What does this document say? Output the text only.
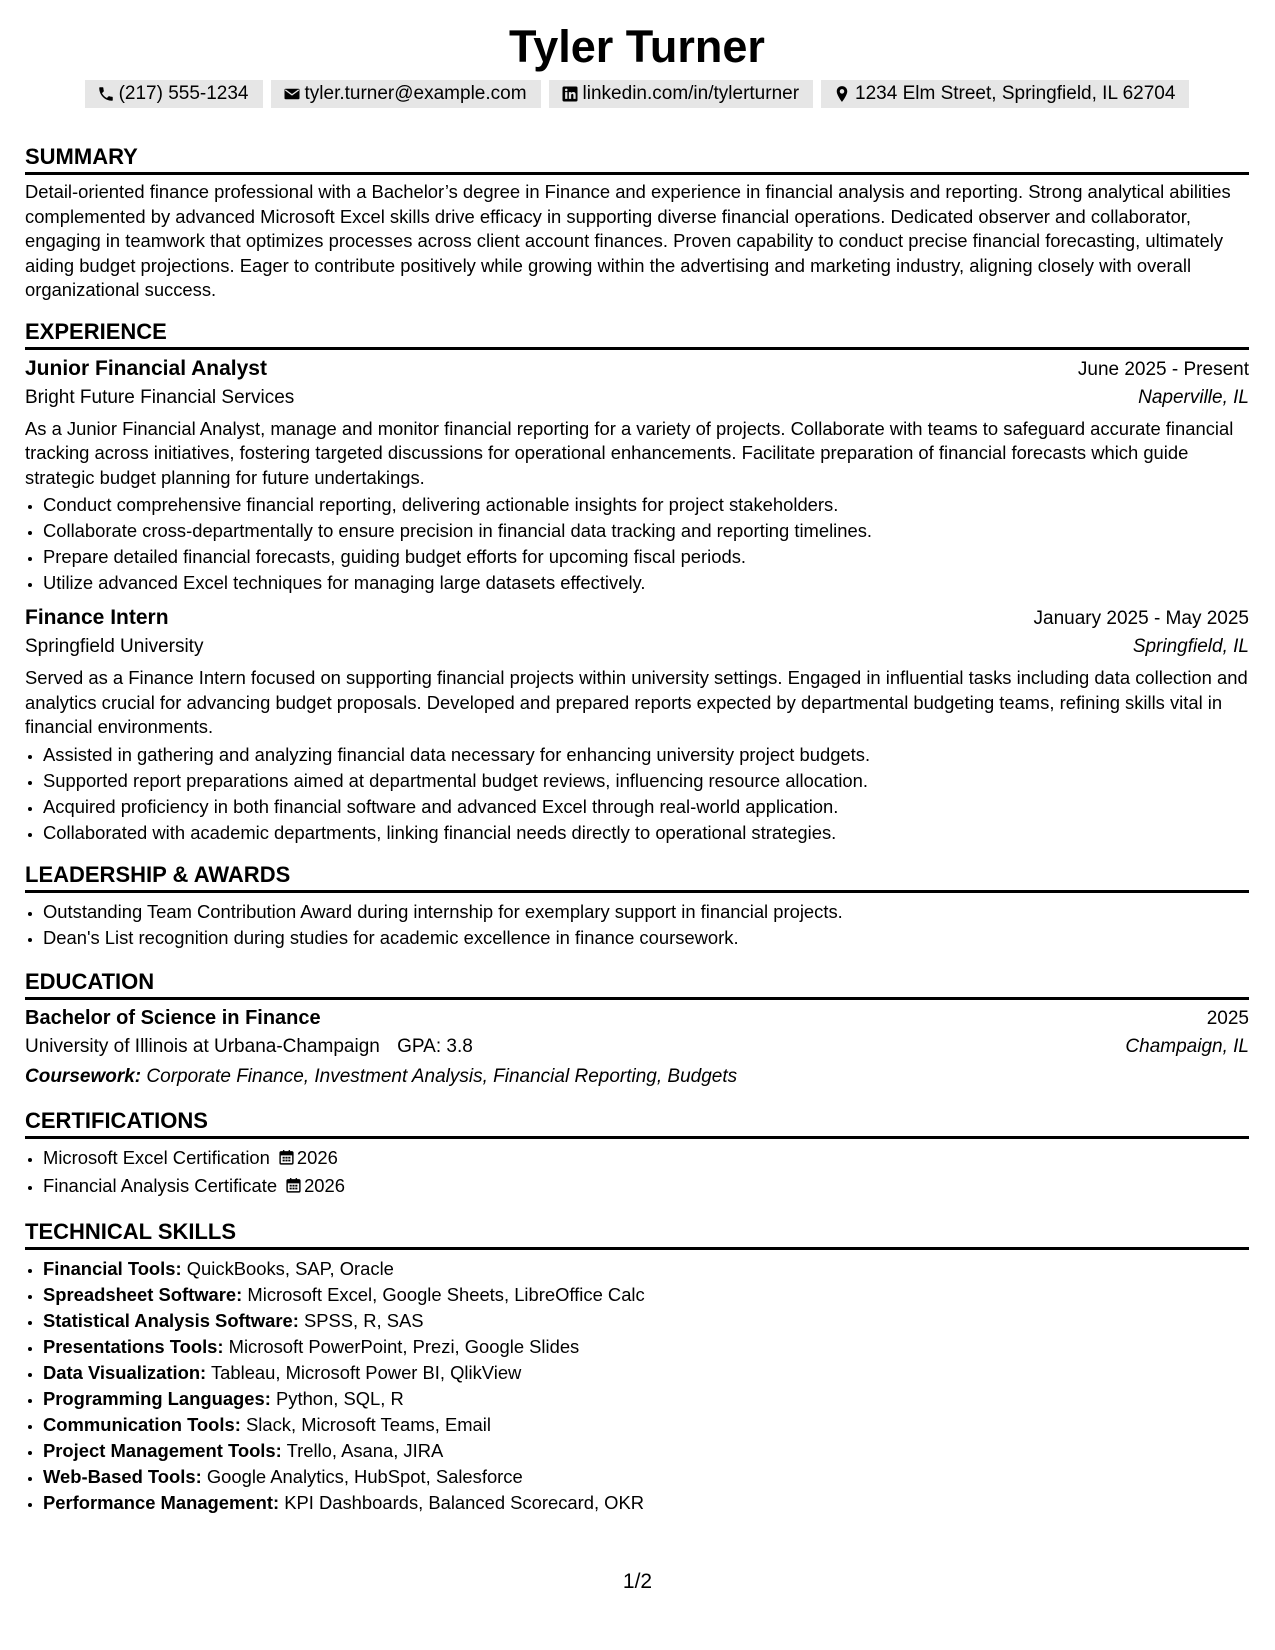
Tyler Turner
(217) 555-1234	tyler.turner@example.com	linkedin.com/in/tylerturner	1234 Elm Street, Springfield, IL 62704
SUMMARY

Detail-oriented finance professional with a Bachelor’s degree in Finance and experience in financial analysis and reporting. Strong analytical abilities complemented by advanced Microsoft Excel skills drive efficacy in supporting diverse financial operations. Dedicated observer and collaborator, engaging in teamwork that optimizes processes across client account finances. Proven capability to conduct precise financial forecasting, ultimately aiding budget projections. Eager to contribute positively while growing within the advertising and marketing industry, aligning closely with overall organizational success.

EXPERIENCE
Junior Financial Analyst	June 2025 - Present
Bright Future Financial Services	Naperville, IL

As a Junior Financial Analyst, manage and monitor financial reporting for a variety of projects. Collaborate with teams to safeguard accurate financial tracking across initiatives, fostering targeted discussions for operational enhancements. Facilitate preparation of financial forecasts which guide strategic budget planning for future undertakings.

• Conduct comprehensive financial reporting, delivering actionable insights for project stakeholders.
• Collaborate cross-departmentally to ensure precision in financial data tracking and reporting timelines.
• Prepare detailed financial forecasts, guiding budget efforts for upcoming fiscal periods.
• Utilize advanced Excel techniques for managing large datasets effectively.
Finance Intern	January 2025 - May 2025
Springfield University	Springfield, IL

Served as a Finance Intern focused on supporting financial projects within university settings. Engaged in influential tasks including data collection and analytics crucial for advancing budget proposals. Developed and prepared reports expected by departmental budgeting teams, refining skills vital in financial environments.

• Assisted in gathering and analyzing financial data necessary for enhancing university project budgets.
• Supported report preparations aimed at departmental budget reviews, influencing resource allocation.
• Acquired proficiency in both financial software and advanced Excel through real-world application.
• Collaborated with academic departments, linking financial needs directly to operational strategies.
LEADERSHIP & AWARDS
• Outstanding Team Contribution Award during internship for exemplary support in financial projects.
• Dean's List recognition during studies for academic excellence in finance coursework.
EDUCATION
Bachelor of Science in Finance	2025
University of Illinois at Urbana-Champaign GPA: 3.8	Champaign, IL
Coursework: Corporate Finance, Investment Analysis, Financial Reporting, Budgets
CERTIFICATIONS
• Microsoft Excel Certification 2026
• Financial Analysis Certificate 2026
TECHNICAL SKILLS
• Financial Tools: QuickBooks, SAP, Oracle
• Spreadsheet Software: Microsoft Excel, Google Sheets, LibreOffice Calc
• Statistical Analysis Software: SPSS, R, SAS
• Presentations Tools: Microsoft PowerPoint, Prezi, Google Slides
• Data Visualization: Tableau, Microsoft Power BI, QlikView
• Programming Languages: Python, SQL, R
• Communication Tools: Slack, Microsoft Teams, Email
• Project Management Tools: Trello, Asana, JIRA
• Web-Based Tools: Google Analytics, HubSpot, Salesforce
• Performance Management: KPI Dashboards, Balanced Scorecard, OKR
1/2
